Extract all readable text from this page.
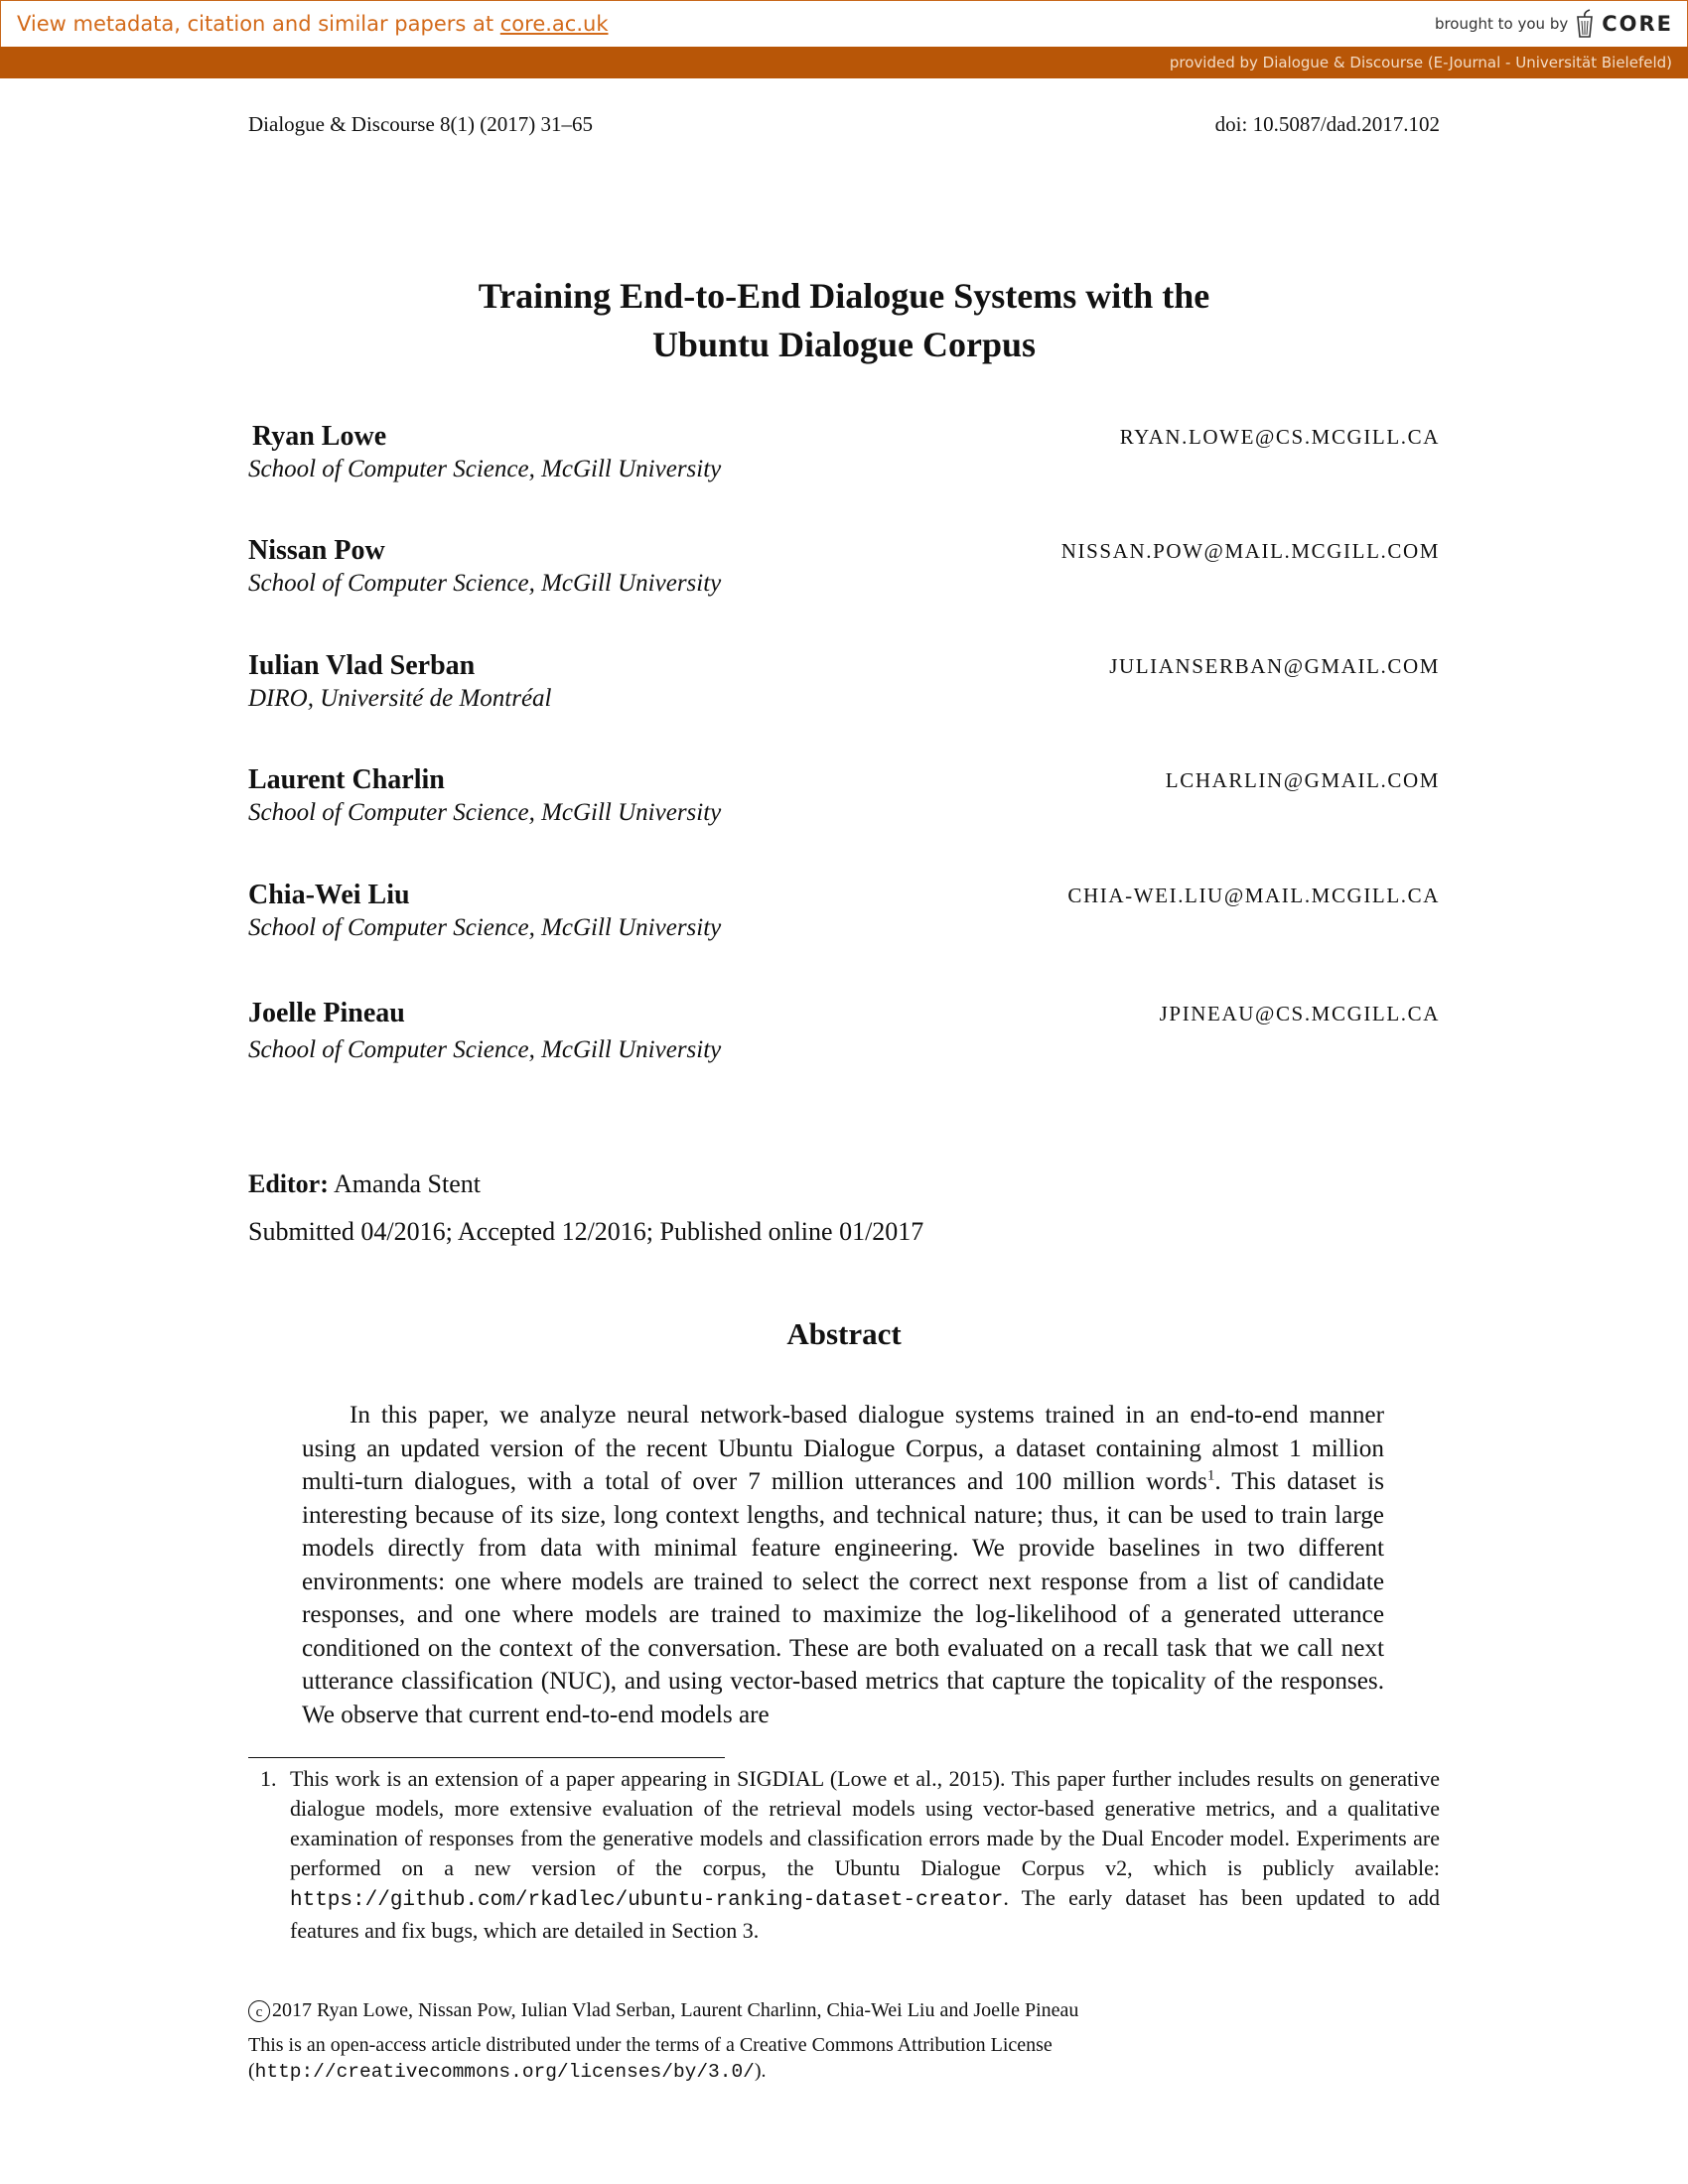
View metadata, citation and similar papers at core.ac.uk	brought to you by CORE
provided by Dialogue & Discourse (E-Journal - Universität Bielefeld)
Dialogue & Discourse 8(1) (2017) 31–65	doi: 10.5087/dad.2017.102
Training End-to-End Dialogue Systems with the
Ubuntu Dialogue Corpus
Ryan Lowe
School of Computer Science, McGill University
RYAN.LOWE@CS.MCGILL.CA
Nissan Pow
School of Computer Science, McGill University
NISSAN.POW@MAIL.MCGILL.COM
Iulian Vlad Serban
DIRO, Université de Montréal
JULIANSERBAN@GMAIL.COM
Laurent Charlin
School of Computer Science, McGill University
LCHARLIN@GMAIL.COM
Chia-Wei Liu
School of Computer Science, McGill University
CHIA-WEI.LIU@MAIL.MCGILL.CA
Joelle Pineau
School of Computer Science, McGill University
JPINEAU@CS.MCGILL.CA
Editor: Amanda Stent
Submitted 04/2016; Accepted 12/2016; Published online 01/2017
Abstract
In this paper, we analyze neural network-based dialogue systems trained in an end-to-end manner using an updated version of the recent Ubuntu Dialogue Corpus, a dataset containing almost 1 million multi-turn dialogues, with a total of over 7 million utterances and 100 million words$^1$. This dataset is interesting because of its size, long context lengths, and technical nature; thus, it can be used to train large models directly from data with minimal feature engineering. We provide baselines in two different environments: one where models are trained to select the correct next response from a list of candidate responses, and one where models are trained to maximize the log-likelihood of a generated utterance conditioned on the context of the conversation. These are both evaluated on a recall task that we call next utterance classification (NUC), and using vector-based metrics that capture the topicality of the responses. We observe that current end-to-end models are
1. This work is an extension of a paper appearing in SIGDIAL (Lowe et al., 2015). This paper further includes results on generative dialogue models, more extensive evaluation of the retrieval models using vector-based generative metrics, and a qualitative examination of responses from the generative models and classification errors made by the Dual Encoder model. Experiments are performed on a new version of the corpus, the Ubuntu Dialogue Corpus v2, which is publicly available: https://github.com/rkadlec/ubuntu-ranking-dataset-creator. The early dataset has been updated to add features and fix bugs, which are detailed in Section 3.
c 2017 Ryan Lowe, Nissan Pow, Iulian Vlad Serban, Laurent Charlinn, Chia-Wei Liu and Joelle Pineau
This is an open-access article distributed under the terms of a Creative Commons Attribution License
(http://creativecommons.org/licenses/by/3.0/).
